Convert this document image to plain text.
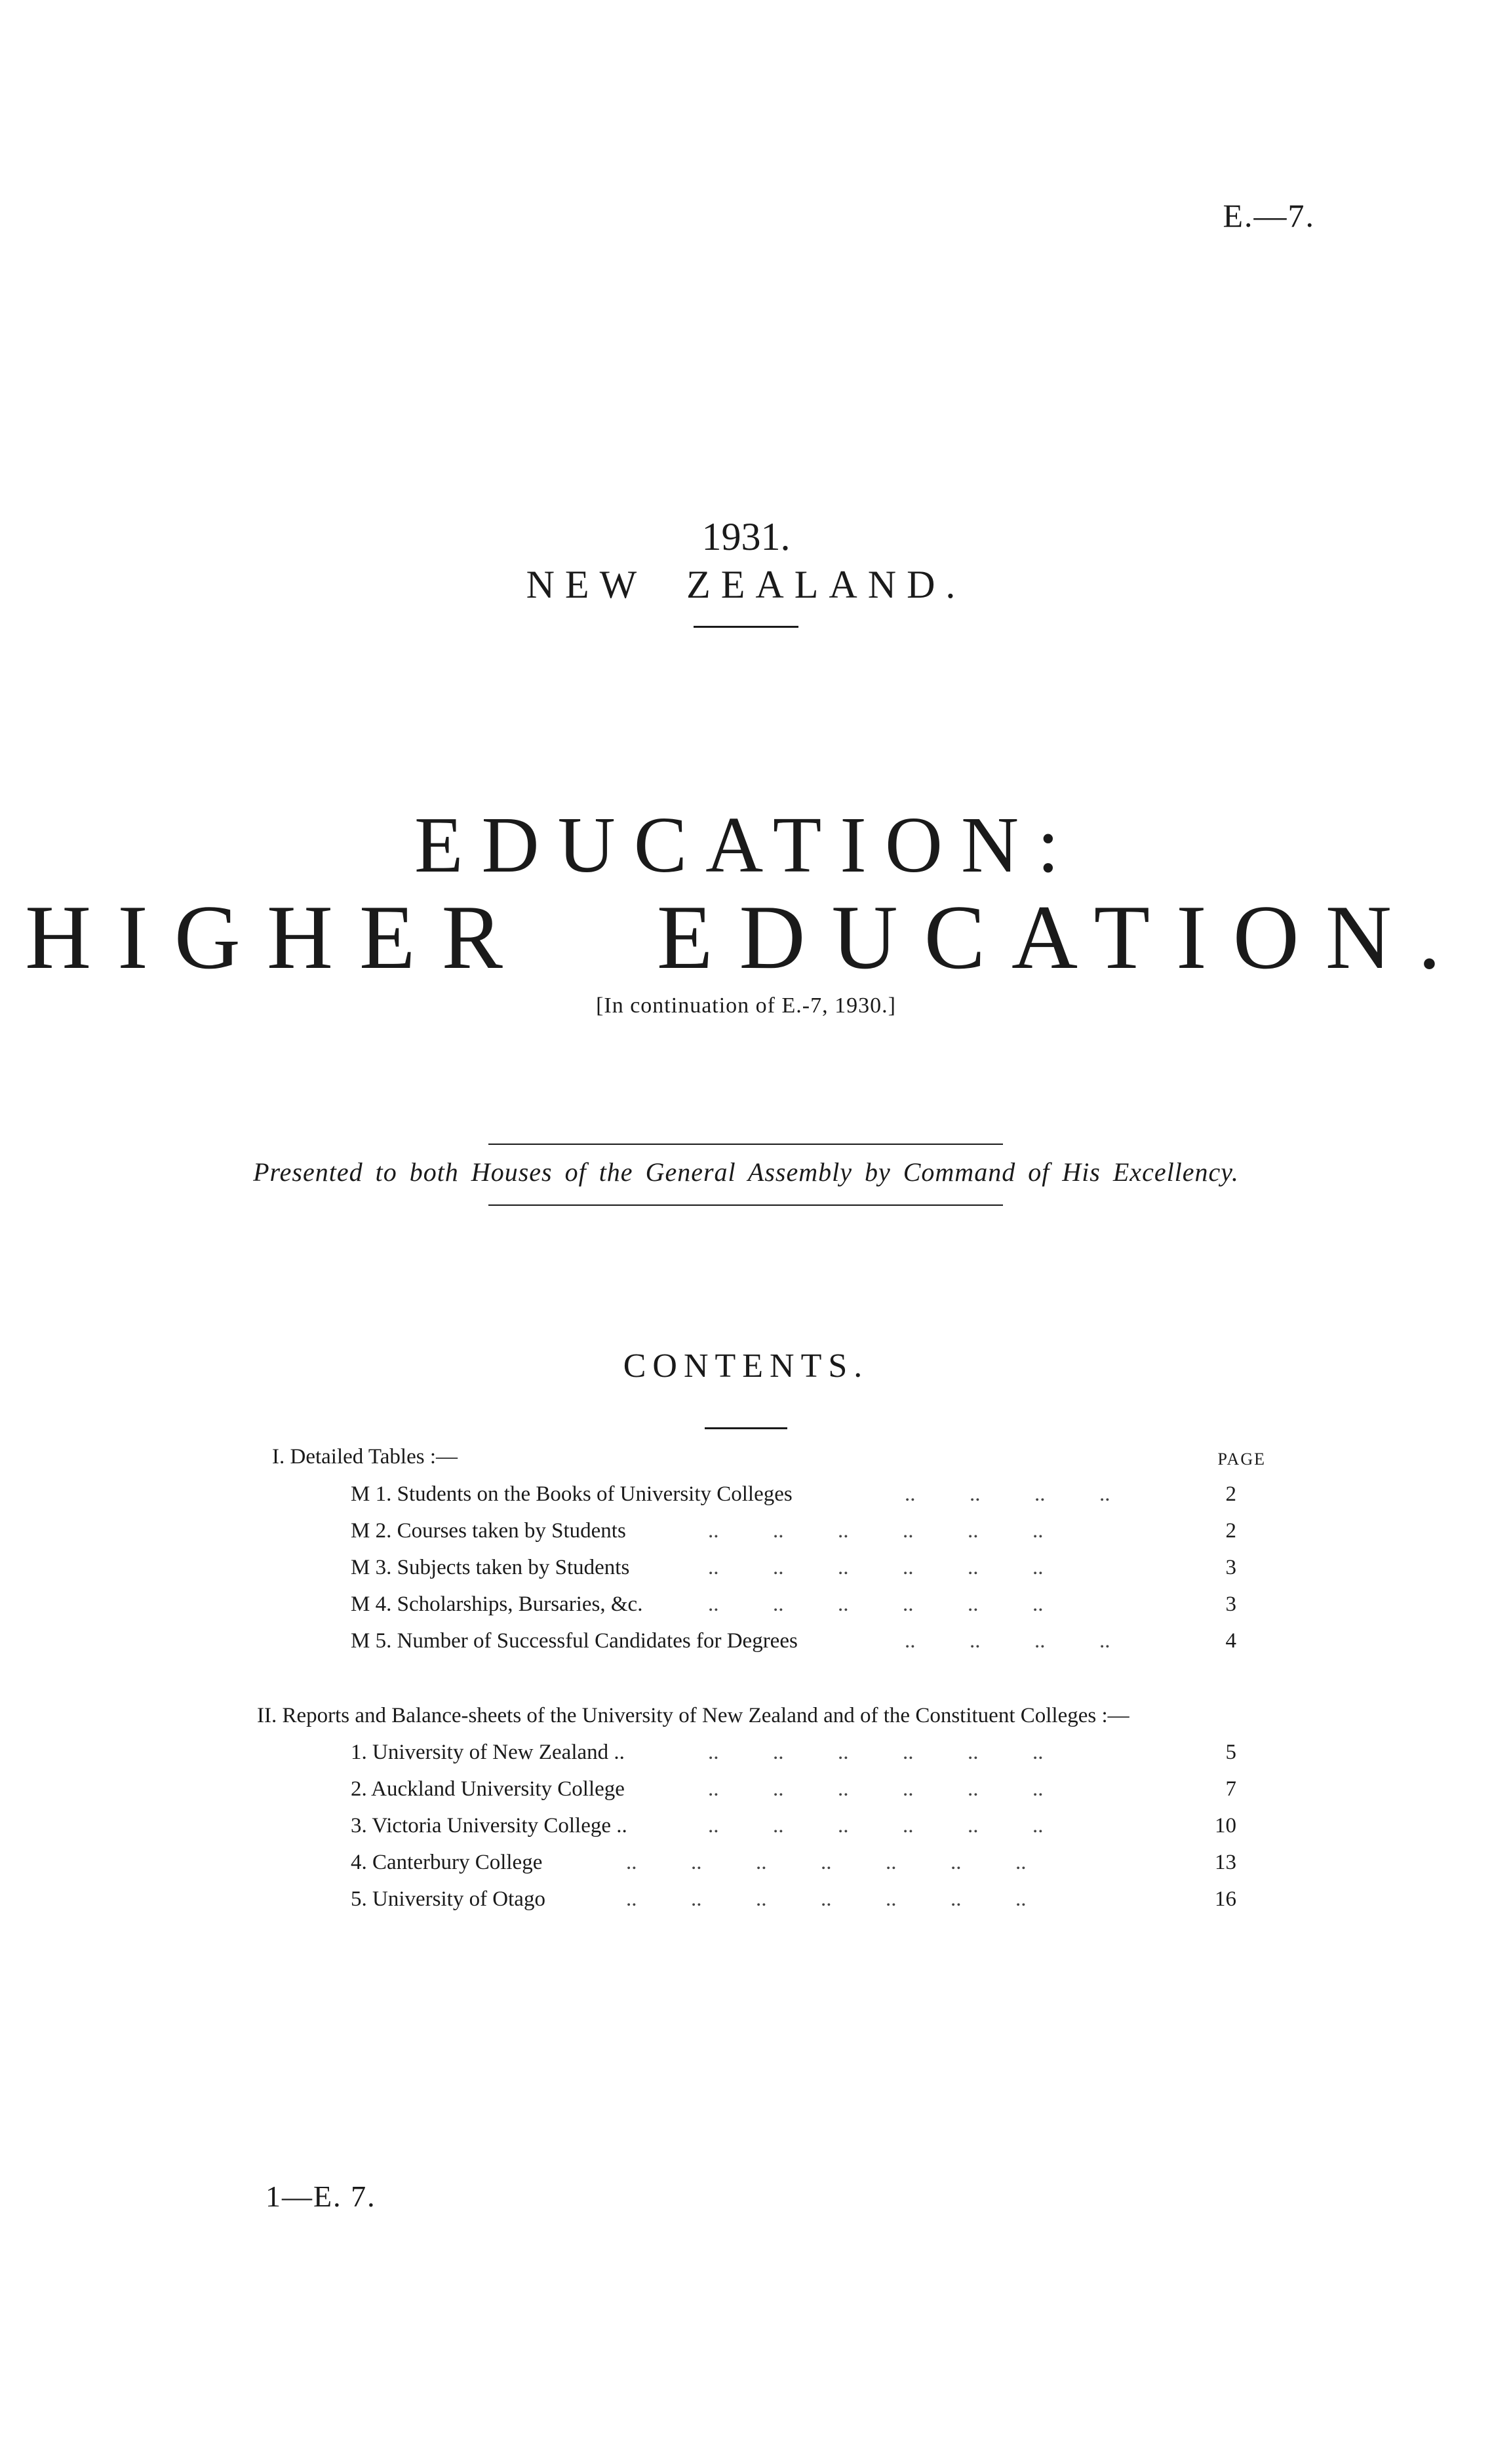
E.—7.
1931.
NEW ZEALAND.
EDUCATION:
HIGHER EDUCATION.
[In continuation of E.-7, 1930.]
Presented to both Houses of the General Assembly by Command of His Excellency.
CONTENTS.
PAGE
I. Detailed Tables :—
M 1. Students on the Books of University Colleges	..          ..          ..          ..	2
M 2. Courses taken by Students	..          ..          ..          ..          ..          ..	2
M 3. Subjects taken by Students	..          ..          ..          ..          ..          ..	3
M 4. Scholarships, Bursaries, &c.	..          ..          ..          ..          ..          ..	3
M 5. Number of Successful Candidates for Degrees	..          ..          ..          ..	4
II. Reports and Balance-sheets of the University of New Zealand and of the Constituent Colleges :—
1. University of New Zealand ..	..          ..          ..          ..          ..          ..	5
2. Auckland University College	..          ..          ..          ..          ..          ..	7
3. Victoria University College ..	..          ..          ..          ..          ..          ..	10
4. Canterbury College	..          ..          ..          ..          ..          ..          ..	13
5. University of Otago	..          ..          ..          ..          ..          ..          ..	16
1—E. 7.
